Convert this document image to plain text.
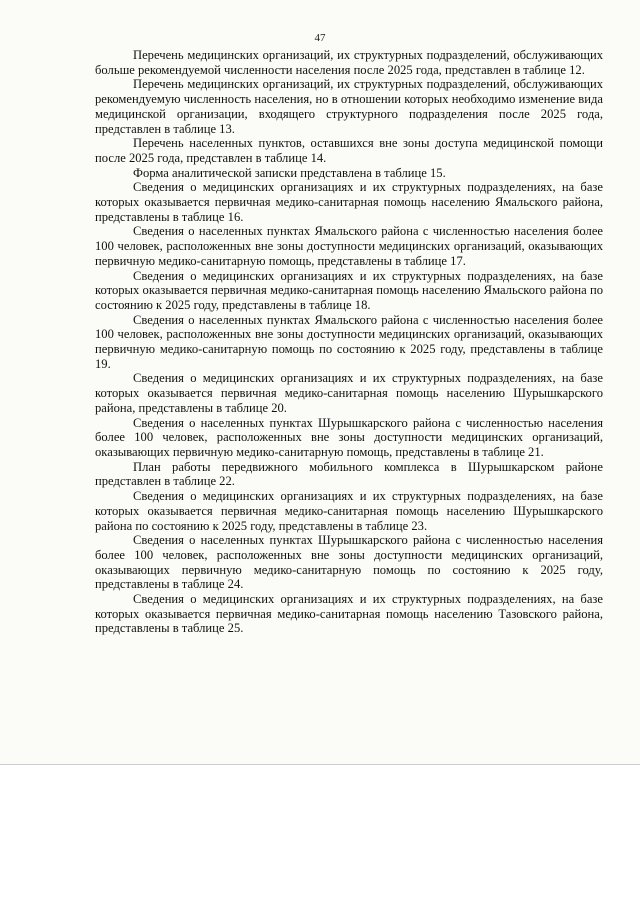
47

Перечень медицинских организаций, их структурных подразделений, обслуживающих больше рекомендуемой численности населения после 2025 года, представлен в таблице 12.

Перечень медицинских организаций, их структурных подразделений, обслуживающих рекомендуемую численность населения, но в отношении которых необходимо изменение вида медицинской организации, входящего структурного подразделения после 2025 года, представлен в таблице 13.

Перечень населенных пунктов, оставшихся вне зоны доступа медицинской помощи после 2025 года, представлен в таблице 14.

Форма аналитической записки представлена в таблице 15.

Сведения о медицинских организациях и их структурных подразделениях, на базе которых оказывается первичная медико-санитарная помощь населению Ямальского района, представлены в таблице 16.

Сведения о населенных пунктах Ямальского района с численностью населения более 100 человек, расположенных вне зоны доступности медицинских организаций, оказывающих первичную медико-санитарную помощь, представлены в таблице 17.

Сведения о медицинских организациях и их структурных подразделениях, на базе которых оказывается первичная медико-санитарная помощь населению Ямальского района по состоянию к 2025 году, представлены в таблице 18.

Сведения о населенных пунктах Ямальского района с численностью населения более 100 человек, расположенных вне зоны доступности медицинских организаций, оказывающих первичную медико-санитарную помощь по состоянию к 2025 году, представлены в таблице 19.

Сведения о медицинских организациях и их структурных подразделениях, на базе которых оказывается первичная медико-санитарная помощь населению Шурышкарского района, представлены в таблице 20.

Сведения о населенных пунктах Шурышкарского района с численностью населения более 100 человек, расположенных вне зоны доступности медицинских организаций, оказывающих первичную медико-санитарную помощь, представлены в таблице 21.

План работы передвижного мобильного комплекса в Шурышкарском районе представлен в таблице 22.

Сведения о медицинских организациях и их структурных подразделениях, на базе которых оказывается первичная медико-санитарная помощь населению Шурышкарского района по состоянию к 2025 году, представлены в таблице 23.

Сведения о населенных пунктах Шурышкарского района с численностью населения более 100 человек, расположенных вне зоны доступности медицинских организаций, оказывающих первичную медико-санитарную помощь по состоянию к 2025 году, представлены в таблице 24.

Сведения о медицинских организациях и их структурных подразделениях, на базе которых оказывается первичная медико-санитарная помощь населению Тазовского района, представлены в таблице 25.
